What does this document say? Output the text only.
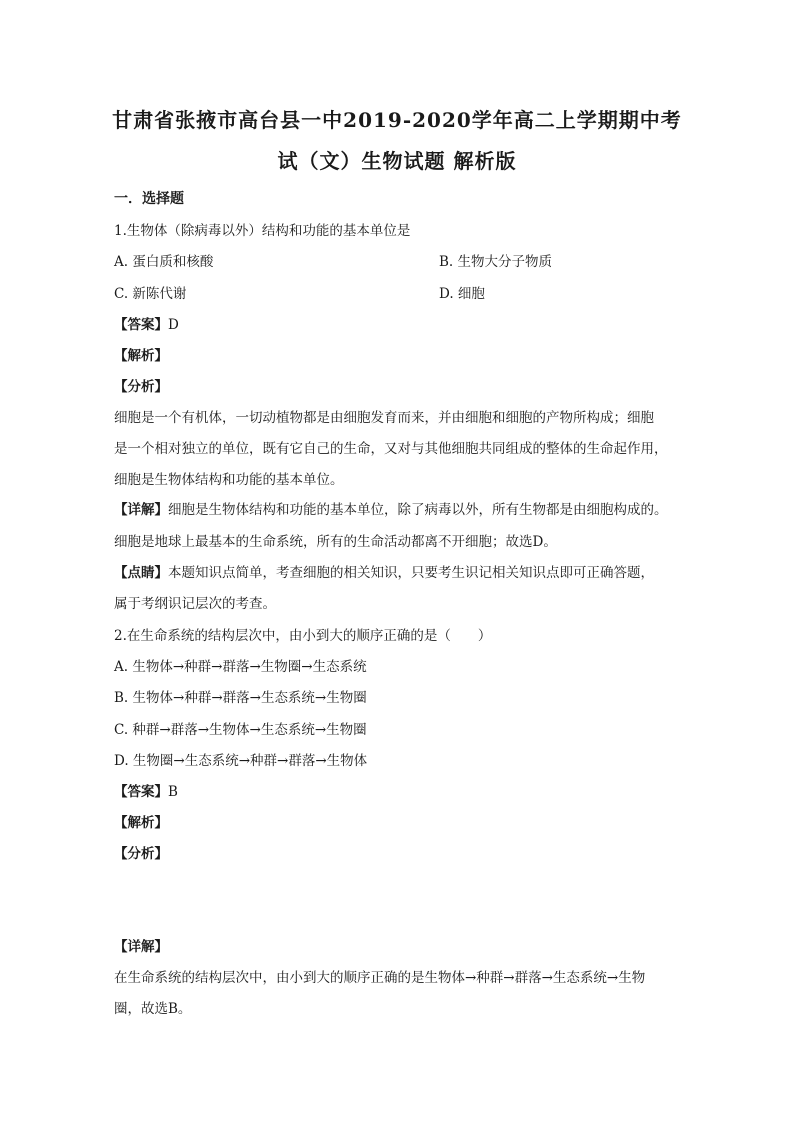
甘肃省张掖市高台县一中2019-2020学年高二上学期期中考
试（文）生物试题 解析版
一．选择题
1.生物体（除病毒以外）结构和功能的基本单位是
A. 蛋白质和核酸	B. 生物大分子物质
C. 新陈代谢	D. 细胞
【答案】D
【解析】
【分析】
细胞是一个有机体，一切动植物都是由细胞发育而来，并由细胞和细胞的产物所构成；细胞
是一个相对独立的单位，既有它自己的生命，又对与其他细胞共同组成的整体的生命起作用，
细胞是生物体结构和功能的基本单位。
【详解】细胞是生物体结构和功能的基本单位，除了病毒以外，所有生物都是由细胞构成的。
细胞是地球上最基本的生命系统，所有的生命活动都离不开细胞；故选D。
【点睛】本题知识点简单，考查细胞的相关知识，只要考生识记相关知识点即可正确答题，
属于考纲识记层次的考查。
2.在生命系统的结构层次中，由小到大的顺序正确的是（　　）
A. 生物体→种群→群落→生物圈→生态系统
B. 生物体→种群→群落→生态系统→生物圈
C. 种群→群落→生物体→生态系统→生物圈
D. 生物圈→生态系统→种群→群落→生物体
【答案】B
【解析】
【分析】
【详解】
在生命系统的结构层次中，由小到大的顺序正确的是生物体→种群→群落→生态系统→生物
圈，故选B。
